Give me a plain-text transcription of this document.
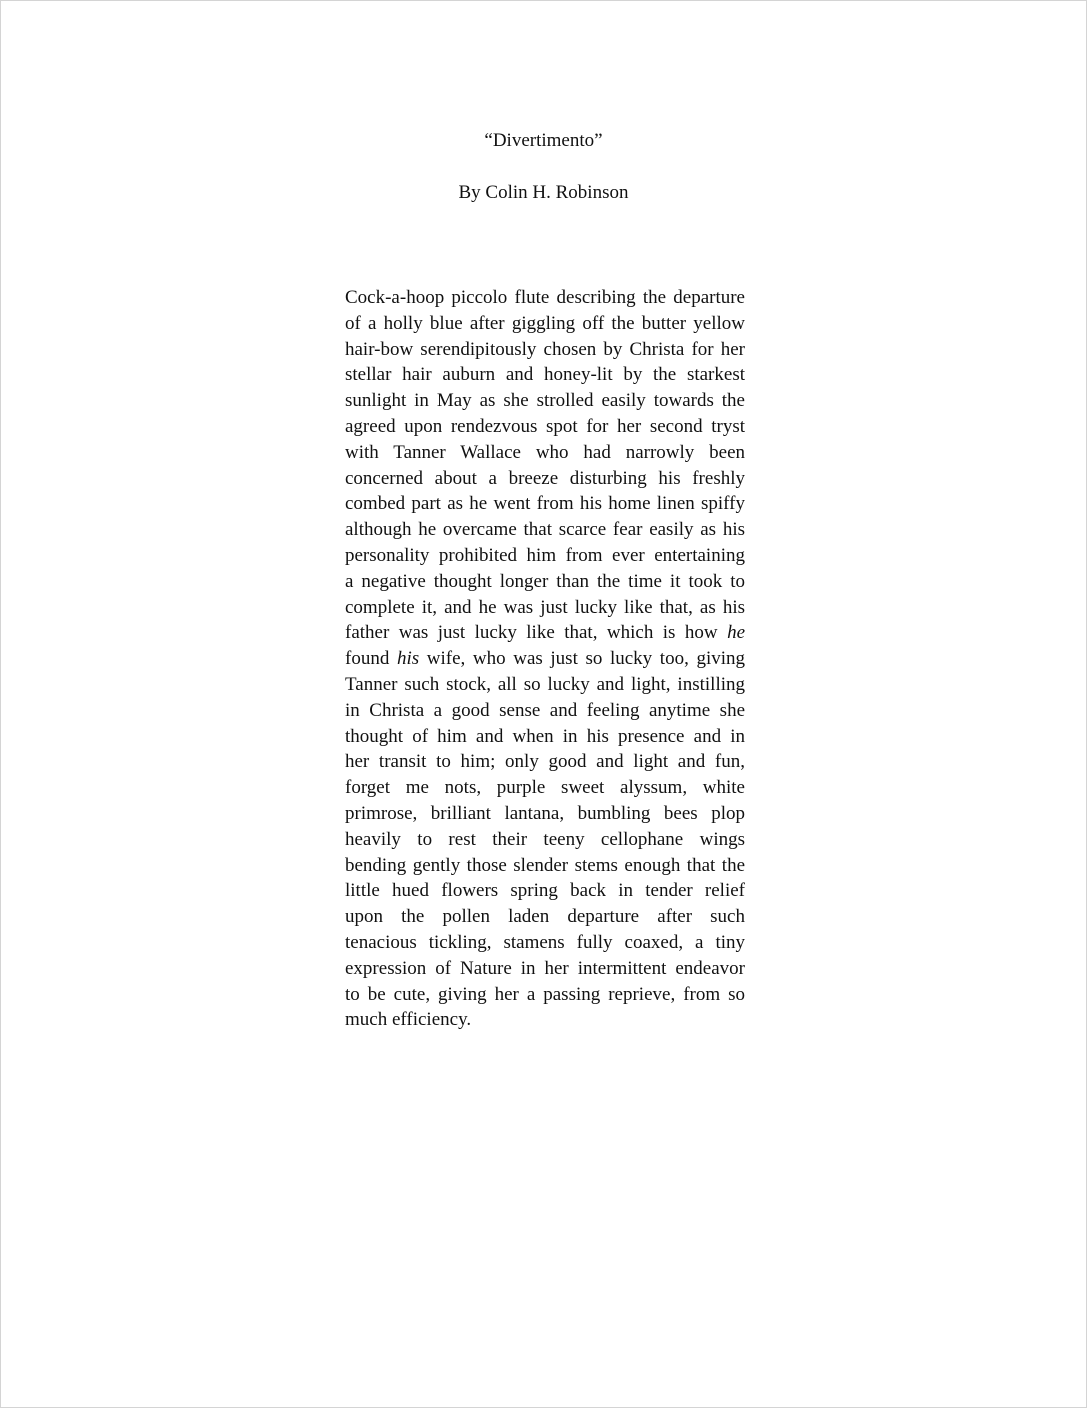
“Divertimento”

By Colin H. Robinson

Cock-a-hoop piccolo flute describing the departure
of a holly blue after giggling off the butter yellow
hair-bow serendipitously chosen by Christa for her
stellar hair auburn and honey-lit by the starkest
sunlight in May as she strolled easily towards the
agreed upon rendezvous spot for her second tryst
with Tanner Wallace who had narrowly been
concerned about a breeze disturbing his freshly
combed part as he went from his home linen spiffy
although he overcame that scarce fear easily as his
personality prohibited him from ever entertaining
a negative thought longer than the time it took to
complete it, and he was just lucky like that, as his
father was just lucky like that, which is how he
found his wife, who was just so lucky too, giving
Tanner such stock, all so lucky and light, instilling
in Christa a good sense and feeling anytime she
thought of him and when in his presence and in
her transit to him; only good and light and fun,
forget me nots, purple sweet alyssum, white
primrose, brilliant lantana, bumbling bees plop
heavily to rest their teeny cellophane wings
bending gently those slender stems enough that the
little hued flowers spring back in tender relief
upon the pollen laden departure after such
tenacious tickling, stamens fully coaxed, a tiny
expression of Nature in her intermittent endeavor
to be cute, giving her a passing reprieve, from so
much efficiency.
